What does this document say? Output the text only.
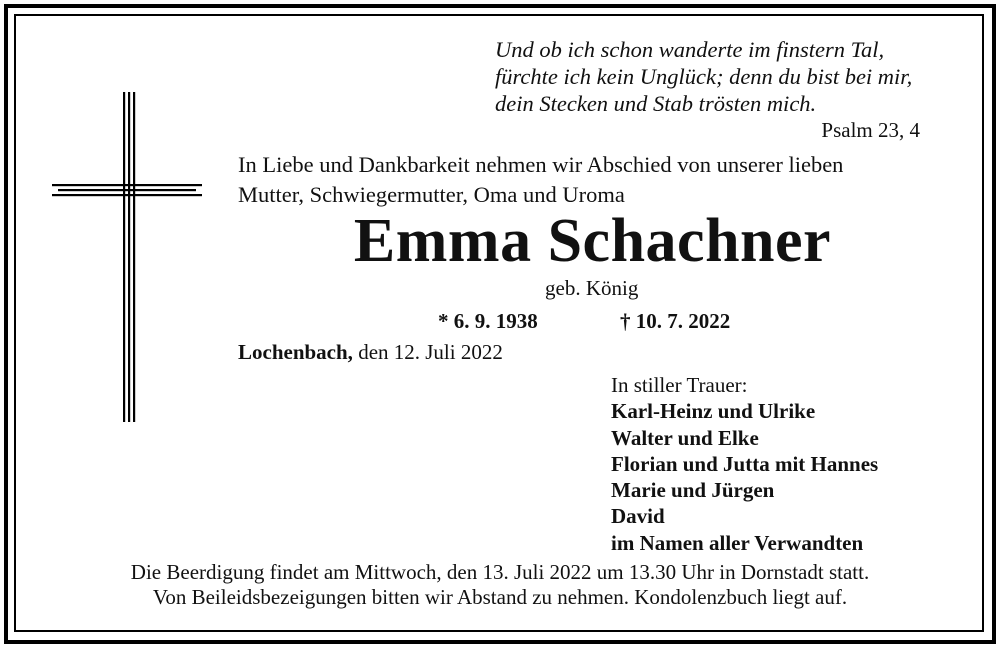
Und ob ich schon wanderte im finstern Tal,
fürchte ich kein Unglück; denn du bist bei mir,
dein Stecken und Stab trösten mich.
Psalm 23, 4
In Liebe und Dankbarkeit nehmen wir Abschied von unserer lieben
Mutter, Schwiegermutter, Oma und Uroma
Emma Schachner
geb. König
* 6. 9. 1938	† 10. 7. 2022
Lochenbach, den 12. Juli 2022
In stiller Trauer:
Karl-Heinz und Ulrike
Walter und Elke
Florian und Jutta mit Hannes
Marie und Jürgen
David
im Namen aller Verwandten
Die Beerdigung findet am Mittwoch, den 13. Juli 2022 um 13.30 Uhr in Dornstadt statt.
Von Beileidsbezeigungen bitten wir Abstand zu nehmen. Kondolenzbuch liegt auf.
